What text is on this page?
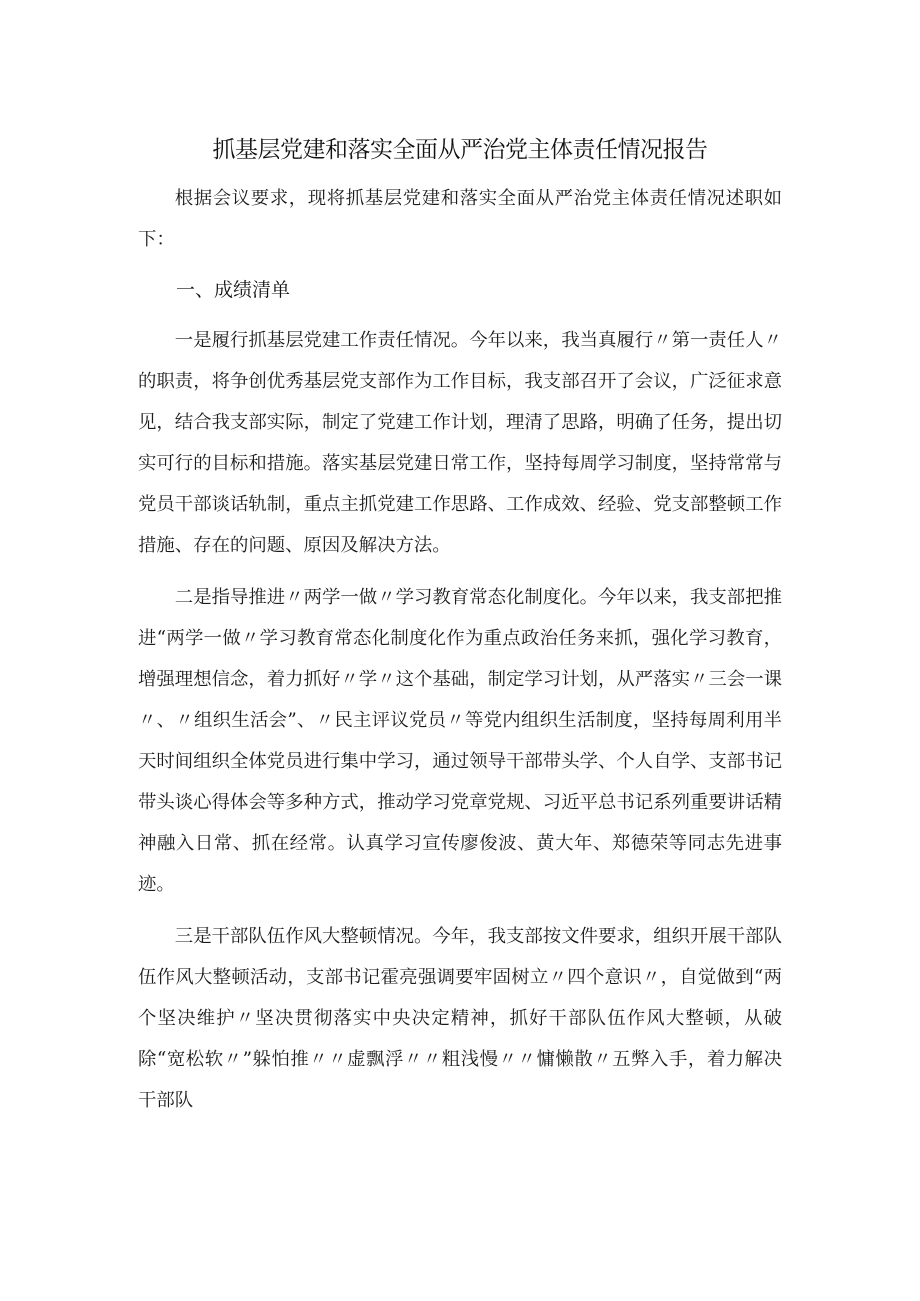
抓基层党建和落实全面从严治党主体责任情况报告

根据会议要求，现将抓基层党建和落实全面从严治党主体责任情况述职如下：

一、成绩清单

一是履行抓基层党建工作责任情况。今年以来，我当真履行〃第一责任人〃的职责，将争创优秀基层党支部作为工作目标，我支部召开了会议，广泛征求意见，结合我支部实际，制定了党建工作计划，理清了思路，明确了任务，提出切实可行的目标和措施。落实基层党建日常工作，坚持每周学习制度，坚持常常与党员干部谈话轨制，重点主抓党建工作思路、工作成效、经验、党支部整顿工作措施、存在的问题、原因及解决方法。

二是指导推进〃两学一做〃学习教育常态化制度化。今年以来，我支部把推进“两学一做〃学习教育常态化制度化作为重点政治任务来抓，强化学习教育，增强理想信念，着力抓好〃学〃这个基础，制定学习计划，从严落实〃三会一课〃、〃组织生活会”、〃民主评议党员〃等党内组织生活制度，坚持每周利用半天时间组织全体党员进行集中学习，通过领导干部带头学、个人自学、支部书记带头谈心得体会等多种方式，推动学习党章党规、习近平总书记系列重要讲话精神融入日常、抓在经常。认真学习宣传廖俊波、黄大年、郑德荣等同志先进事迹。

三是干部队伍作风大整顿情况。今年，我支部按文件要求，组织开展干部队伍作风大整顿活动，支部书记霍亮强调要牢固树立〃四个意识〃，自觉做到“两个坚决维护〃坚决贯彻落实中央决定精神，抓好干部队伍作风大整顿，从破除“宽松软〃”躲怕推〃〃虚飘浮〃〃粗浅慢〃〃慵懒散〃五弊入手，着力解决干部队
